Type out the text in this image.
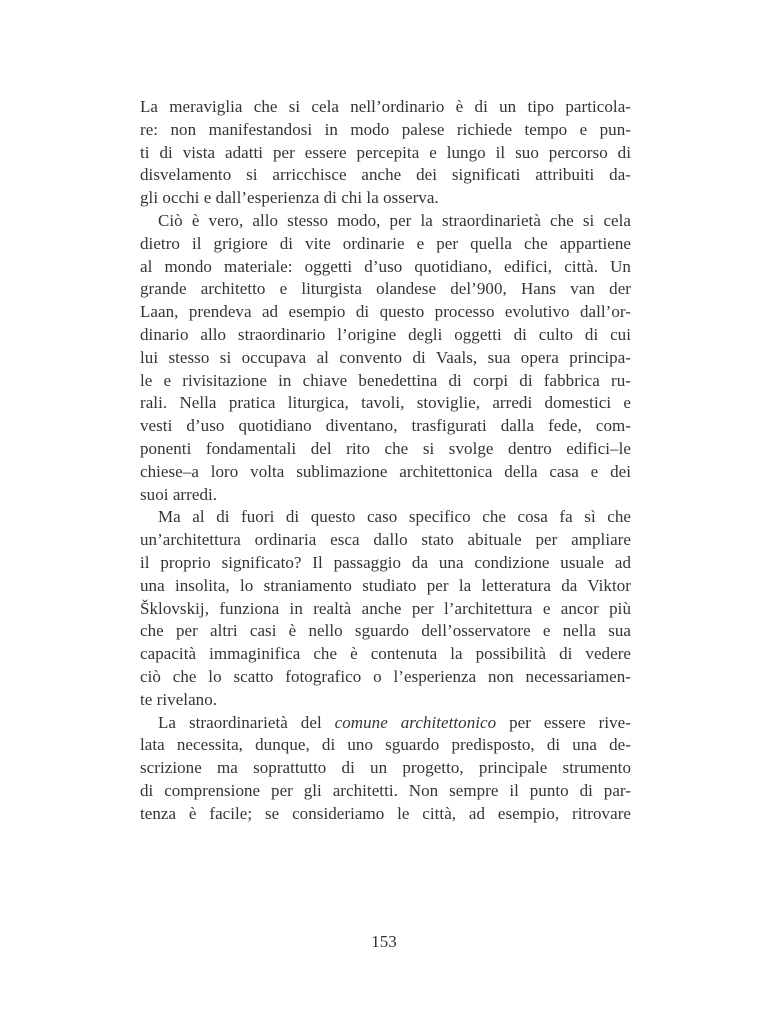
La meraviglia che si cela nell’ordinario è di un tipo particola-
re: non manifestandosi in modo palese richiede tempo e pun-
ti di vista adatti per essere percepita e lungo il suo percorso di
disvelamento si arricchisce anche dei significati attribuiti da-
gli occhi e dall’esperienza di chi la osserva.
Ciò è vero, allo stesso modo, per la straordinarietà che si cela
dietro il grigiore di vite ordinarie e per quella che appartiene
al mondo materiale: oggetti d’uso quotidiano, edifici, città. Un
grande architetto e liturgista olandese del’900, Hans van der
Laan, prendeva ad esempio di questo processo evolutivo dall’or-
dinario allo straordinario l’origine degli oggetti di culto di cui
lui stesso si occupava al convento di Vaals, sua opera principa-
le e rivisitazione in chiave benedettina di corpi di fabbrica ru-
rali. Nella pratica liturgica, tavoli, stoviglie, arredi domestici e
vesti d’uso quotidiano diventano, trasfigurati dalla fede, com-
ponenti fondamentali del rito che si svolge dentro edifici–le
chiese–a loro volta sublimazione architettonica della casa e dei
suoi arredi.
Ma al di fuori di questo caso specifico che cosa fa sì che
un’architettura ordinaria esca dallo stato abituale per ampliare
il proprio significato? Il passaggio da una condizione usuale ad
una insolita, lo straniamento studiato per la letteratura da Viktor
Šklovskij, funziona in realtà anche per l’architettura e ancor più
che per altri casi è nello sguardo dell’osservatore e nella sua
capacità immaginifica che è contenuta la possibilità di vedere
ciò che lo scatto fotografico o l’esperienza non necessariamen-
te rivelano.
La straordinarietà del comune architettonico per essere rive-
lata necessita, dunque, di uno sguardo predisposto, di una de-
scrizione ma soprattutto di un progetto, principale strumento
di comprensione per gli architetti. Non sempre il punto di par-
tenza è facile; se consideriamo le città, ad esempio, ritrovare
153
